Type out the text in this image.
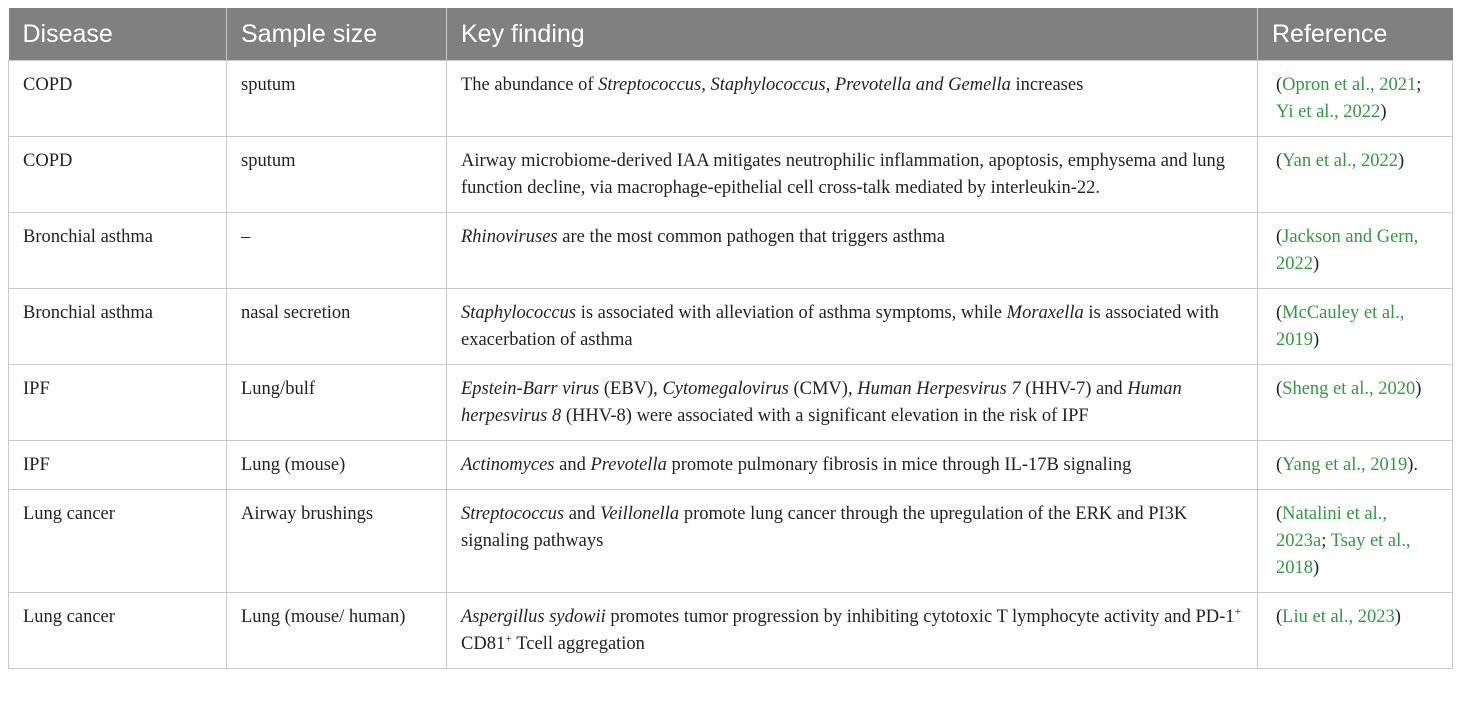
Disease	Sample size	Key finding	Reference
COPD	sputum	The abundance of Streptococcus, Staphylococcus, Prevotella and Gemella increases	(Opron et al., 2021; Yi et al., 2022)
COPD	sputum	Airway microbiome-derived IAA mitigates neutrophilic inflammation, apoptosis, emphysema and lung function decline, via macrophage-epithelial cell cross-talk mediated by interleukin-22.	(Yan et al., 2022)
Bronchial asthma	–	Rhinoviruses are the most common pathogen that triggers asthma	(Jackson and Gern, 2022)
Bronchial asthma	nasal secretion	Staphylococcus is associated with alleviation of asthma symptoms, while Moraxella is associated with exacerbation of asthma	(McCauley et al., 2019)
IPF	Lung/bulf	Epstein-Barr virus (EBV), Cytomegalovirus (CMV), Human Herpesvirus 7 (HHV-7) and Human herpesvirus 8 (HHV-8) were associated with a significant elevation in the risk of IPF	(Sheng et al., 2020)
IPF	Lung (mouse)	Actinomyces and Prevotella promote pulmonary fibrosis in mice through IL-17B signaling	(Yang et al., 2019).
Lung cancer	Airway brushings	Streptococcus and Veillonella promote lung cancer through the upregulation of the ERK and PI3K signaling pathways	(Natalini et al., 2023a; Tsay et al., 2018)
Lung cancer	Lung (mouse/ human)	Aspergillus sydowii promotes tumor progression by inhibiting cytotoxic T lymphocyte activity and PD-1+ CD81+ Tcell aggregation	(Liu et al., 2023)
